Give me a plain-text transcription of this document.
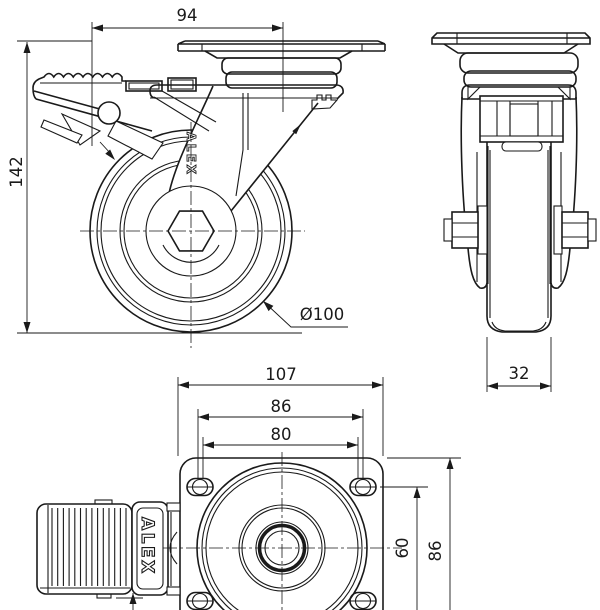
ALEX
ALEX
94
142
Ø100
32
107
86
80
60 86
